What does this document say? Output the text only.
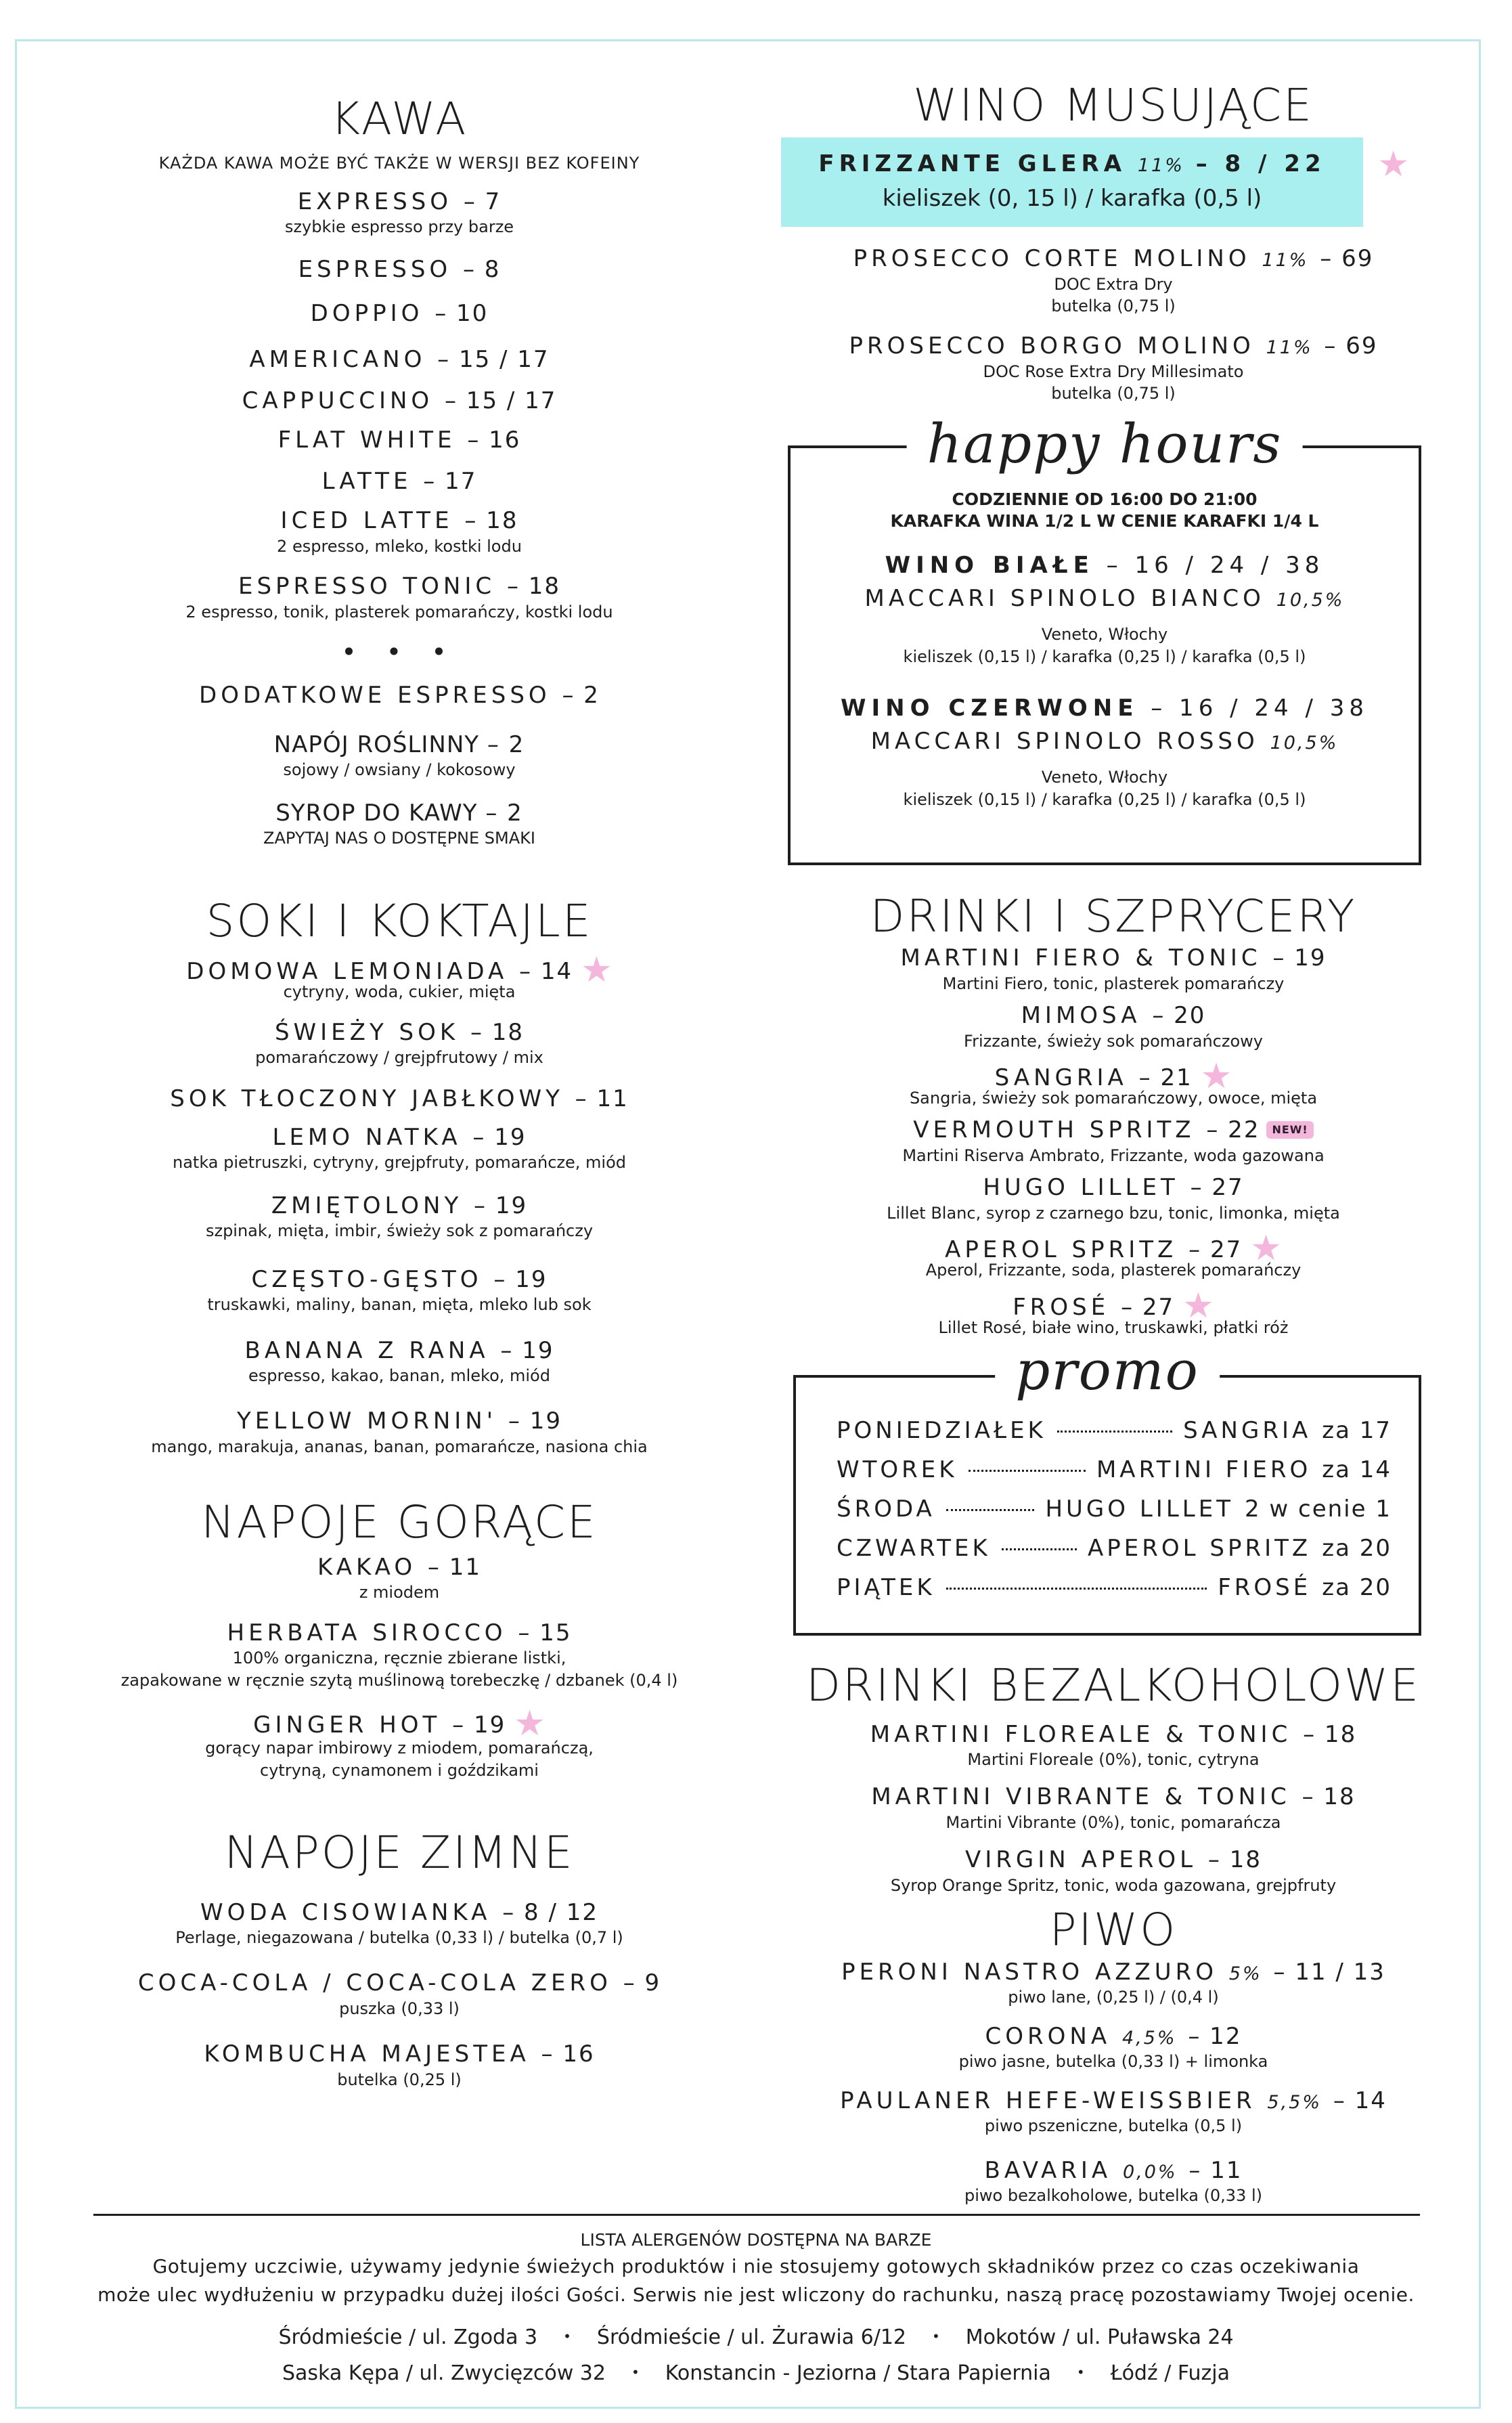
KAWA
KAŻDA KAWA MOŻE BYĆ TAKŻE W WERSJI BEZ KOFEINY
EXPRESSO – 7
szybkie espresso przy barze
ESPRESSO – 8
DOPPIO – 10
AMERICANO – 15 / 17
CAPPUCCINO – 15 / 17
FLAT WHITE – 16
LATTE – 17
ICED LATTE – 18
2 espresso, mleko, kostki lodu
ESPRESSO TONIC – 18
2 espresso, tonik, plasterek pomarańczy, kostki lodu
• • •
DODATKOWE ESPRESSO – 2
NAPÓJ ROŚLINNY – 2
sojowy / owsiany / kokosowy
SYROP DO KAWY – 2
ZAPYTAJ NAS O DOSTĘPNE SMAKI
SOKI I KOKTAJLE
DOMOWA LEMONIADA – 14 ★
cytryny, woda, cukier, mięta
ŚWIEŻY SOK – 18
pomarańczowy / grejpfrutowy / mix
SOK TŁOCZONY JABŁKOWY – 11
LEMO NATKA – 19
natka pietruszki, cytryny, grejpfruty, pomarańcze, miód
ZMIĘTOLONY – 19
szpinak, mięta, imbir, świeży sok z pomarańczy
CZĘSTO-GĘSTO – 19
truskawki, maliny, banan, mięta, mleko lub sok
BANANA Z RANA – 19
espresso, kakao, banan, mleko, miód
YELLOW MORNIN' – 19
mango, marakuja, ananas, banan, pomarańcze, nasiona chia
NAPOJE GORĄCE
KAKAO – 11
z miodem
HERBATA SIROCCO – 15
100% organiczna, ręcznie zbierane listki,
zapakowane w ręcznie szytą muślinową torebeczkę / dzbanek (0,4 l)
GINGER HOT – 19 ★
gorący napar imbirowy z miodem, pomarańczą,
cytryną, cynamonem i goździkami
NAPOJE ZIMNE
WODA CISOWIANKA – 8 / 12
Perlage, niegazowana / butelka (0,33 l) / butelka (0,7 l)
COCA-COLA / COCA-COLA ZERO – 9
puszka (0,33 l)
KOMBUCHA MAJESTEA – 16
butelka (0,25 l)
WINO MUSUJĄCE
FRIZZANTE GLERA 11% – 8 / 22
kieliszek (0, 15 l) / karafka (0,5 l)
★
PROSECCO CORTE MOLINO 11% – 69
DOC Extra Dry
butelka (0,75 l)
PROSECCO BORGO MOLINO 11% – 69
DOC Rose Extra Dry Millesimato
butelka (0,75 l)
happy hours
CODZIENNIE OD 16:00 DO 21:00
KARAFKA WINA 1/2 L W CENIE KARAFKI 1/4 L
WINO BIAŁE – 16 / 24 / 38
MACCARI SPINOLO BIANCO 10,5%
Veneto, Włochy
kieliszek (0,15 l) / karafka (0,25 l) / karafka (0,5 l)
WINO CZERWONE – 16 / 24 / 38
MACCARI SPINOLO ROSSO 10,5%
Veneto, Włochy
kieliszek (0,15 l) / karafka (0,25 l) / karafka (0,5 l)
DRINKI I SZPRYCERY
MARTINI FIERO & TONIC – 19
Martini Fiero, tonic, plasterek pomarańczy
MIMOSA – 20
Frizzante, świeży sok pomarańczowy
SANGRIA – 21 ★
Sangria, świeży sok pomarańczowy, owoce, mięta
VERMOUTH SPRITZ – 22 NEW!
Martini Riserva Ambrato, Frizzante, woda gazowana
HUGO LILLET – 27
Lillet Blanc, syrop z czarnego bzu, tonic, limonka, mięta
APEROL SPRITZ – 27 ★
Aperol, Frizzante, soda, plasterek pomarańczy
FROSÉ – 27 ★
Lillet Rosé, białe wino, truskawki, płatki róż
promo
PONIEDZIAŁEK	SANGRIA za 17
WTOREK	MARTINI FIERO za 14
ŚRODA	HUGO LILLET 2 w cenie 1
CZWARTEK	APEROL SPRITZ za 20
PIĄTEK	FROSÉ za 20
DRINKI BEZALKOHOLOWE
MARTINI FLOREALE & TONIC – 18
Martini Floreale (0%), tonic, cytryna
MARTINI VIBRANTE & TONIC – 18
Martini Vibrante (0%), tonic, pomarańcza
VIRGIN APEROL – 18
Syrop Orange Spritz, tonic, woda gazowana, grejpfruty
PIWO
PERONI NASTRO AZZURO 5% – 11 / 13
piwo lane, (0,25 l) / (0,4 l)
CORONA 4,5% – 12
piwo jasne, butelka (0,33 l) + limonka
PAULANER HEFE-WEISSBIER 5,5% – 14
piwo pszeniczne, butelka (0,5 l)
BAVARIA 0,0% – 11
piwo bezalkoholowe, butelka (0,33 l)
LISTA ALERGENÓW DOSTĘPNA NA BARZE
Gotujemy uczciwie, używamy jedynie świeżych produktów i nie stosujemy gotowych składników przez co czas oczekiwania
może ulec wydłużeniu w przypadku dużej ilości Gości. Serwis nie jest wliczony do rachunku, naszą pracę pozostawiamy Twojej ocenie.
Śródmieście / ul. Zgoda 3 • Śródmieście / ul. Żurawia 6/12 • Mokotów / ul. Puławska 24
Saska Kępa / ul. Zwycięzców 32 • Konstancin - Jeziorna / Stara Papiernia • Łódź / Fuzja
